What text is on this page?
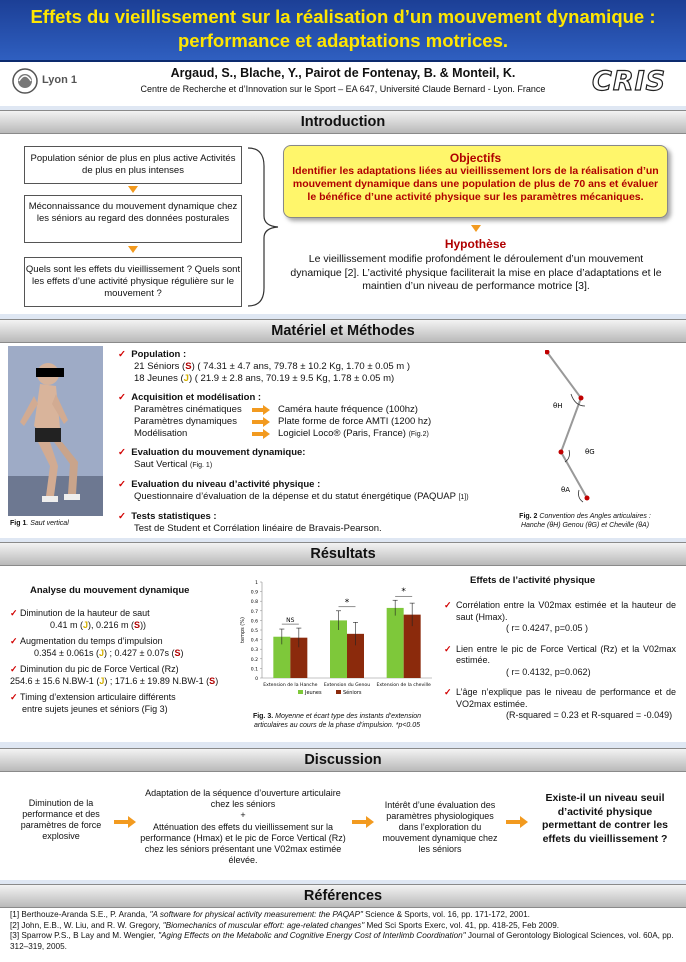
Effets du vieillissement sur la réalisation d’un mouvement dynamique :
performance et adaptations motrices.
Lyon 1	CRIS
Argaud, S., Blache, Y., Pairot de Fontenay, B. & Monteil, K.
Centre de Recherche et d’Innovation sur le Sport – EA 647, Université Claude Bernard - Lyon. France
Introduction
Population sénior de plus en plus active Activités de plus en plus intenses
Méconnaissance du mouvement dynamique chez les séniors au regard des données posturales
Quels sont les effets du vieillissement ? Quels sont les effets d’une activité physique régulière sur le mouvement ?
Objectifs
Identifier les adaptations liées au vieillissement lors de la réalisation d’un mouvement dynamique dans une population de plus de 70 ans et évaluer le bénéfice d’une activité physique sur les paramètres mécaniques.
Hypothèse
Le vieillissement modifie profondément le déroulement d’un mouvement dynamique [2]. L’activité physique faciliterait la mise en place d’adaptations et le maintien d’un niveau de performance motrice [3].
Matériel et Méthodes
Fig 1. Saut vertical
✓ Population :
21 Séniors (S) ( 74.31 ± 4.7 ans, 79.78 ± 10.2 Kg, 1.70 ± 0.05 m )
18 Jeunes (J) ( 21.9 ± 2.8 ans, 70.19 ± 9.5 Kg, 1.78 ± 0.05 m)
✓ Acquisition et modélisation :
Paramètres cinématiques	Caméra haute fréquence (100hz)
Paramètres dynamiques	Plate forme de force AMTI (1200 hz)
Modélisation	Logiciel Loco® (Paris, France) (Fig.2)
✓ Evaluation du mouvement dynamique:
Saut Vertical (Fig. 1)
✓ Evaluation du niveau d’activité physique :
Questionnaire d’évaluation de la dépense et du statut énergétique (PAQUAP [1])
✓ Tests statistiques :
Test de Student et Corrélation linéaire de Bravais-Pearson.
θH
θG
θA
Fig. 2 Convention des Angles articulaires :
Hanche (θH) Genou (θG) et Cheville (θA)
Résultats
Analyse du mouvement dynamique
✓ Diminution de la hauteur de saut
0.41 m (J), 0.216 m (S))
✓ Augmentation du temps d’impulsion
0.354 ± 0.061s (J) ; 0.427 ± 0.07s (S)
✓ Diminution du pic de Force Vertical (Rz)
254.6 ± 15.6 N.BW-1 (J) ; 171.6 ± 19.89 N.BW-1 (S)
✓ Timing d’extension articulaire différents
entre sujets jeunes et séniors (Fig 3)
0
0.1
0.2
0.3
0.4
0.5
0.6
0.7
0.8
0.9
1
temps (%)	NS
Extension de la Hanche
*
Extension du Genou
*
Extension de la cheville
Jeunes	Séniors
Fig. 3. Moyenne et écart type des instants d’extension
articulaires au cours de la phase d’impulsion. *p<0.05
Effets de l’activité physique
✓ Corrélation entre la V02max estimée et la hauteur de saut (Hmax).
( r= 0.4247, p=0.05 )
✓ Lien entre le pic de Force Vertical (Rz) et la V02max estimée.
( r= 0.4132, p=0.062)
✓ L’âge n’explique pas le niveau de performance et de VO2max estimée.
(R-squared = 0.23 et R-squared = -0.049)
Discussion
Diminution de la performance et des paramètres de force explosive
Adaptation de la séquence d’ouverture articulaire chez les séniors
+
Atténuation des effets du vieillissement sur la performance (Hmax) et le pic de Force Vertical (Rz) chez les séniors présentant une V02max estimée élevée.
Intérêt d’une évaluation des paramètres physiologiques dans l’exploration du mouvement dynamique chez les séniors
Existe-il un niveau seuil d’activité physique permettant de contrer les effets du vieillissement ?
Références
[1] Berthouze-Aranda S.E., P. Aranda, "A software for physical activity measurement: the PAQAP" Science & Sports, vol. 16, pp. 171-172, 2001.
[2] John, E.B., W. Liu, and R. W. Gregory, "Biomechanics of muscular effort: age-related changes" Med Sci Sports Exerc, vol. 41, pp. 418-25, Feb 2009.
[3] Sparrow P.S., B Lay and M. Wengier, "Aging Effects on the Metabolic and Cognitive Energy Cost of Interlimb Coordination" Journal of Gerontology Biological Sciences, vol. 60A, pp. 312–319, 2005.
